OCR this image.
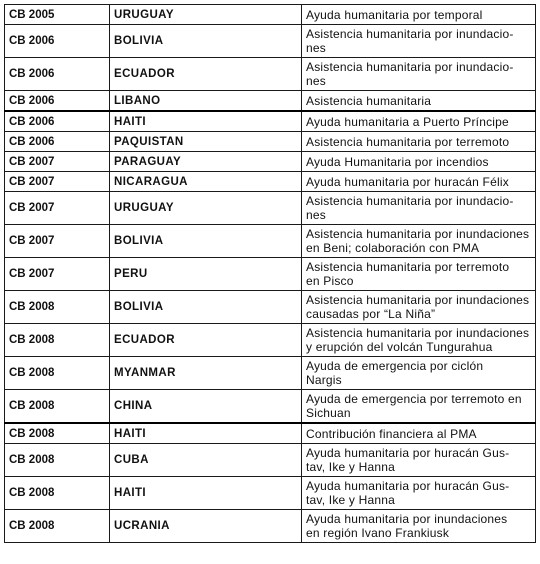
CB 2005	URUGUAY	Ayuda humanitaria por temporal

CB 2006	BOLIVIA	Asistencia humanitaria por inundacio-
nes

CB 2006	ECUADOR	Asistencia humanitaria por inundacio-
nes

CB 2006	LIBANO	Asistencia humanitaria

CB 2006	HAITI	Ayuda humanitaria a Puerto Príncipe

CB 2006	PAQUISTAN	Asistencia humanitaria por terremoto

CB 2007	PARAGUAY	Ayuda Humanitaria por incendios

CB 2007	NICARAGUA	Ayuda humanitaria por huracán Félix

CB 2007	URUGUAY	Asistencia humanitaria por inundacio-
nes

CB 2007	BOLIVIA	Asistencia humanitaria por inundaciones
en Beni; colaboración con PMA

CB 2007	PERU	Asistencia humanitaria por terremoto
en Pisco

CB 2008	BOLIVIA	Asistencia humanitaria por inundaciones
causadas por “La Niña”

CB 2008	ECUADOR	Asistencia humanitaria por inundaciones
y erupción del volcán Tungurahua

CB 2008	MYANMAR	Ayuda de emergencia por ciclón
Nargis

CB 2008	CHINA	Ayuda de emergencia por terremoto en
Sichuan

CB 2008	HAITI	Contribución financiera al PMA

CB 2008	CUBA	Ayuda humanitaria por huracán Gus-
tav, Ike y Hanna

CB 2008	HAITI	Ayuda humanitaria por huracán Gus-
tav, Ike y Hanna

CB 2008	UCRANIA	Ayuda humanitaria por inundaciones
en región Ivano Frankiusk
